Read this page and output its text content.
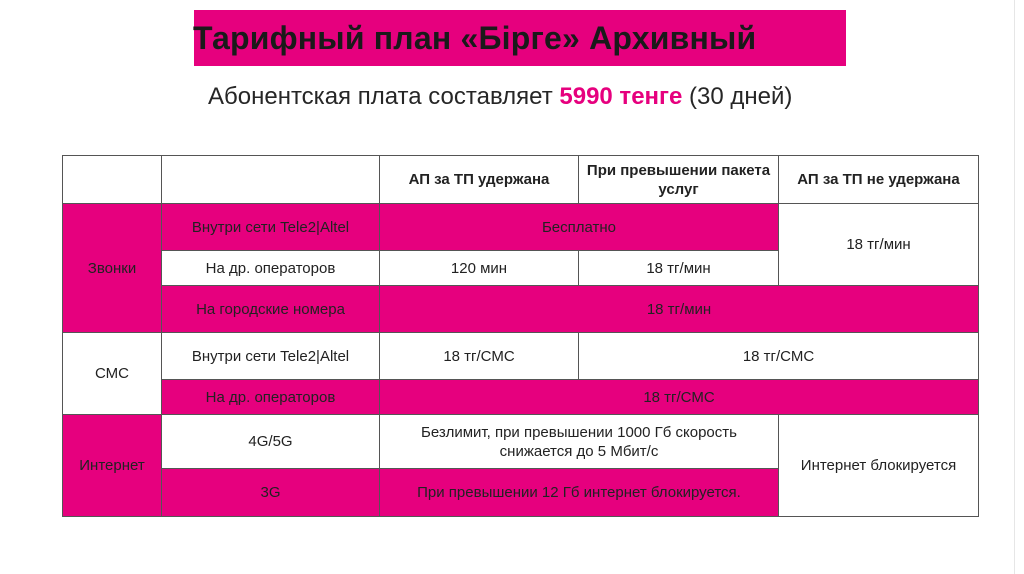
Тарифный план «Бірге» Архивный
Абонентская плата составляет 5990 тенге (30 дней)
		АП за ТП удержана	При превышении пакета услуг	АП за ТП не удержана
Звонки	Внутри сети Tele2|Altel	Бесплатно		18 тг/мин
	На др. операторов	120 мин	18 тг/мин	
	На городские номера	18 тг/мин		
СМС	Внутри сети Tele2|Altel	18 тг/СМС	18 тг/СМС	
	На др. операторов	18 тг/СМС		
Интернет	4G/5G	Безлимит, при превышении 1000 Гб скорость снижается до 5 Мбит/с		Интернет блокируется
	3G	При превышении 12 Гб интернет блокируется.		
